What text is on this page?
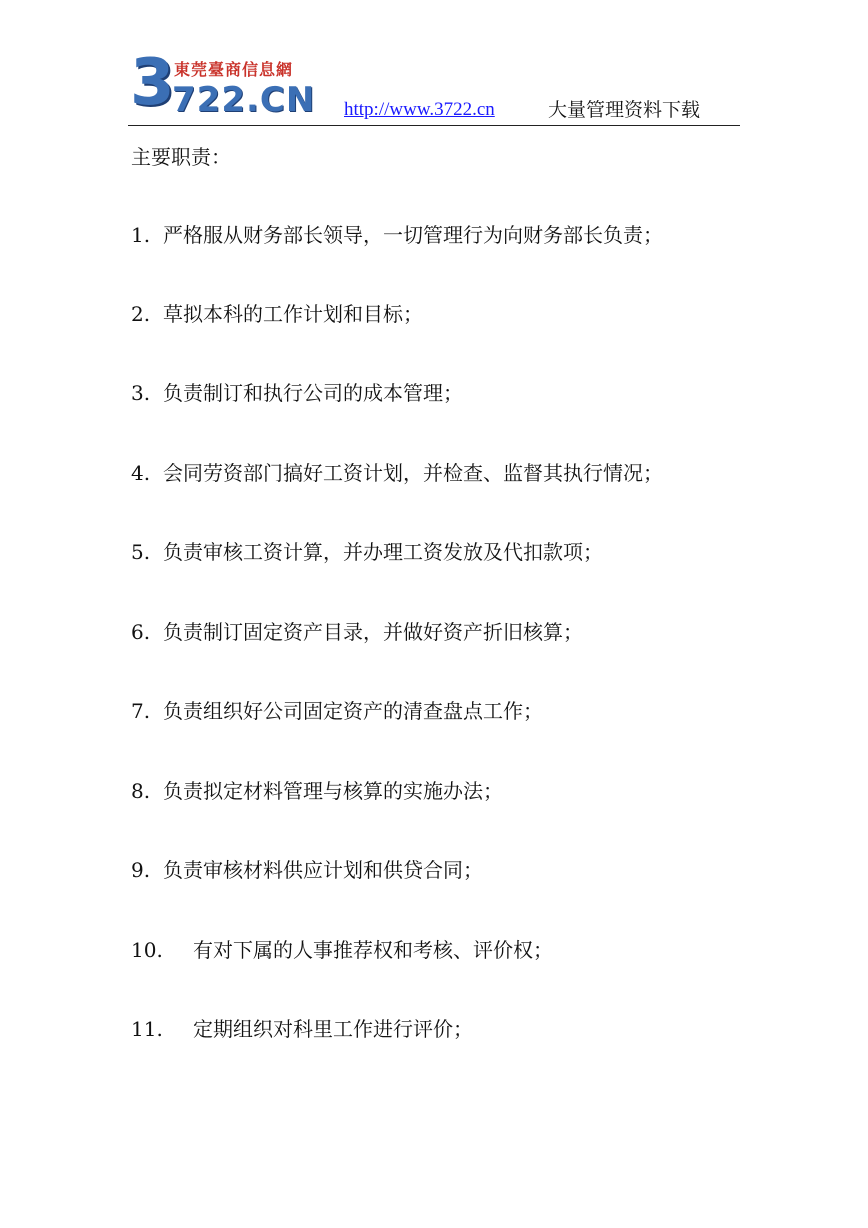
3 東莞臺商信息網
722.CN http://www.3722.cn	大量管理资料下载

主要职责：

1. 严格服从财务部长领导，一切管理行为向财务部长负责；
2. 草拟本科的工作计划和目标；
3. 负责制订和执行公司的成本管理；
4. 会同劳资部门搞好工资计划，并检查、监督其执行情况；
5. 负责审核工资计算，并办理工资发放及代扣款项；
6. 负责制订固定资产目录，并做好资产折旧核算；
7. 负责组织好公司固定资产的清查盘点工作；
8. 负责拟定材料管理与核算的实施办法；
9. 负责审核材料供应计划和供贷合同；
10. 有对下属的人事推荐权和考核、评价权；
11. 定期组织对科里工作进行评价；
